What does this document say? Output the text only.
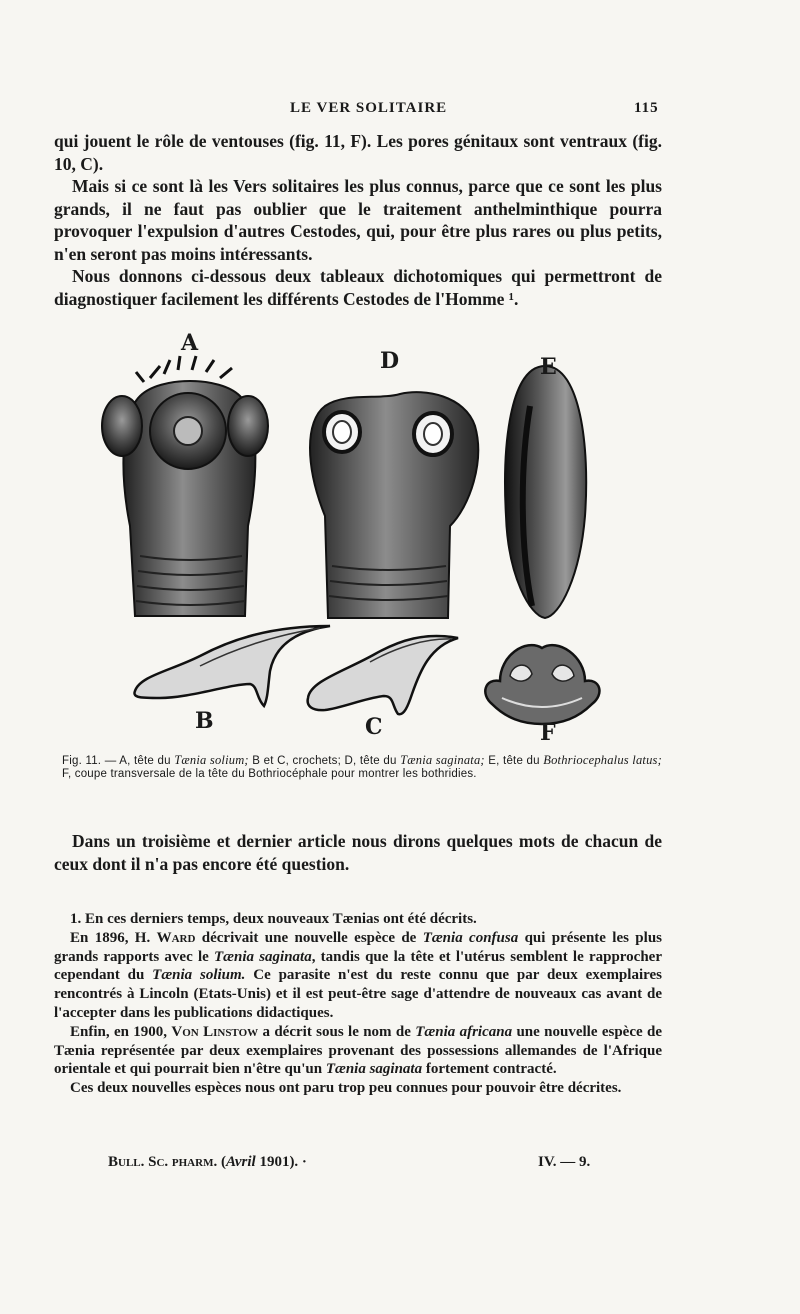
LE VER SOLITAIRE	115

qui jouent le rôle de ventouses (fig. 11, F). Les pores génitaux sont ventraux (fig. 10, C).

Mais si ce sont là les Vers solitaires les plus connus, parce que ce sont les plus grands, il ne faut pas oublier que le traitement anthelminthique pourra provoquer l'expulsion d'autres Cestodes, qui, pour être plus rares ou plus petits, n'en seront pas moins intéressants.

Nous donnons ci-dessous deux tableaux dichotomiques qui permettront de diagnostiquer facilement les différents Cestodes de l'Homme ¹.

A
D	E
B	C	F
Fig. 11. — A, tête du Tænia solium; B et C, crochets; D, tête du Tænia saginata; E, tête du Bothriocephalus latus; F, coupe transversale de la tête du Bothriocéphale pour montrer les bothridies.

Dans un troisième et dernier article nous dirons quelques mots de chacun de ceux dont il n'a pas encore été question.

1. En ces derniers temps, deux nouveaux Tænias ont été décrits.

En 1896, H. Ward décrivait une nouvelle espèce de Tænia confusa qui présente les plus grands rapports avec le Tænia saginata, tandis que la tête et l'utérus semblent le rapprocher cependant du Tænia solium. Ce parasite n'est du reste connu que par deux exemplaires rencontrés à Lincoln (Etats-Unis) et il est peut-être sage d'attendre de nouveaux cas avant de l'accepter dans les publications didactiques.

Enfin, en 1900, Von Linstow a décrit sous le nom de Tænia africana une nouvelle espèce de Tænia représentée par deux exemplaires provenant des possessions allemandes de l'Afrique orientale et qui pourrait bien n'être qu'un Tænia saginata fortement contracté.

Ces deux nouvelles espèces nous ont paru trop peu connues pour pouvoir être décrites.

Bull. Sc. pharm. (Avril 1901). ·	IV. — 9.
